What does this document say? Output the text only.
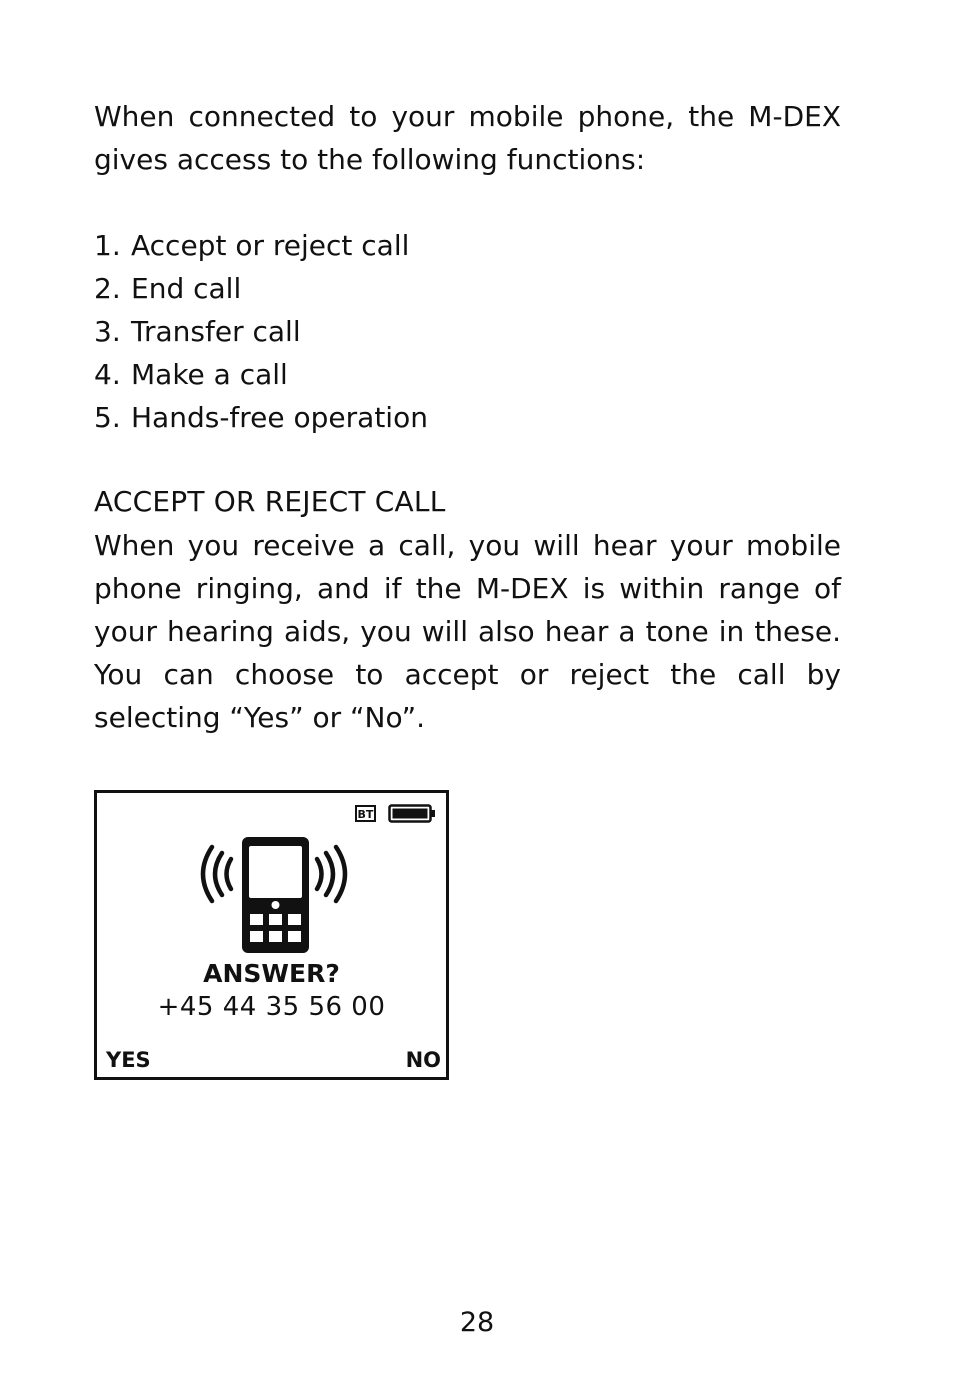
When connected to your mobile phone, the M-DEX gives access to the following functions:

1. Accept or reject call
2. End call
3. Transfer call
4. Make a call
5. Hands-free operation
ACCEPT OR REJECT CALL

When you receive a call, you will hear your mobile phone ringing, and if the M-DEX is within range of your hearing aids, you will also hear a tone in these. You can choose to accept or reject the call by selecting “Yes” or “No”.

BT
ANSWER?
+45 44 35 56 00
YES	NO
28
